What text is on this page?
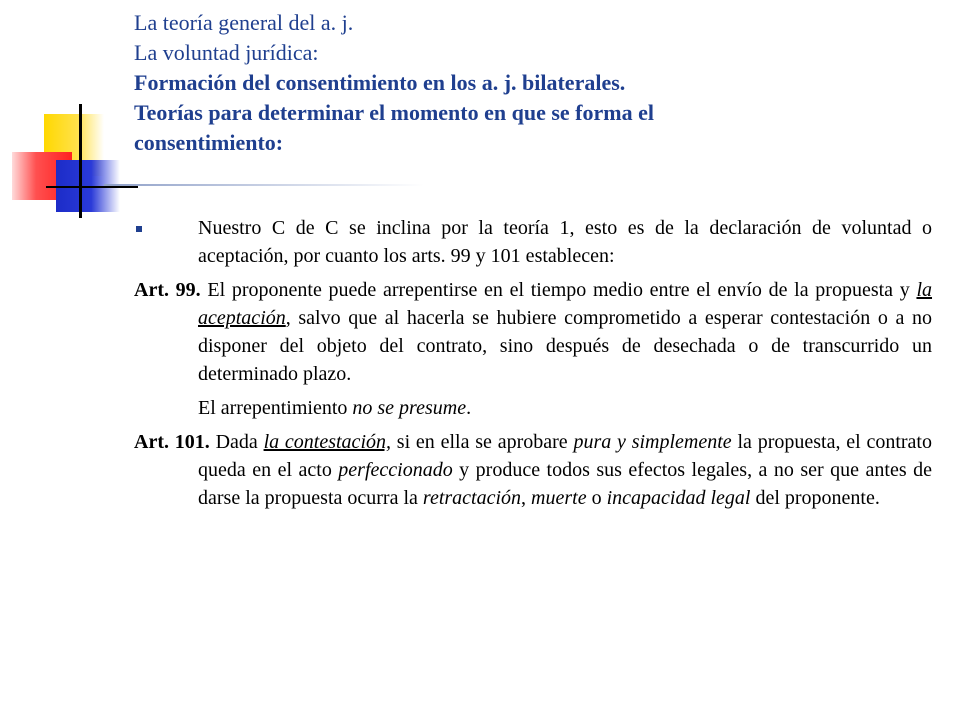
La teoría general del a. j.
La voluntad jurídica:
Formación del consentimiento en los a. j. bilaterales.
Teorías para determinar el momento en que se forma el
consentimiento:
Nuestro C de C se inclina por la teoría 1, esto es de la declaración de voluntad o aceptación, por cuanto los arts. 99 y 101 establecen:
Art. 99. El proponente puede arrepentirse en el tiempo medio entre el envío de la propuesta y la aceptación, salvo que al hacerla se hubiere comprometido a esperar contestación o a no disponer del objeto del contrato, sino después de desechada o de transcurrido un determinado plazo.
El arrepentimiento no se presume.
Art. 101. Dada la contestación, si en ella se aprobare pura y simplemente la propuesta, el contrato queda en el acto perfeccionado y produce todos sus efectos legales, a no ser que antes de darse la propuesta ocurra la retractación, muerte o incapacidad legal del proponente.
